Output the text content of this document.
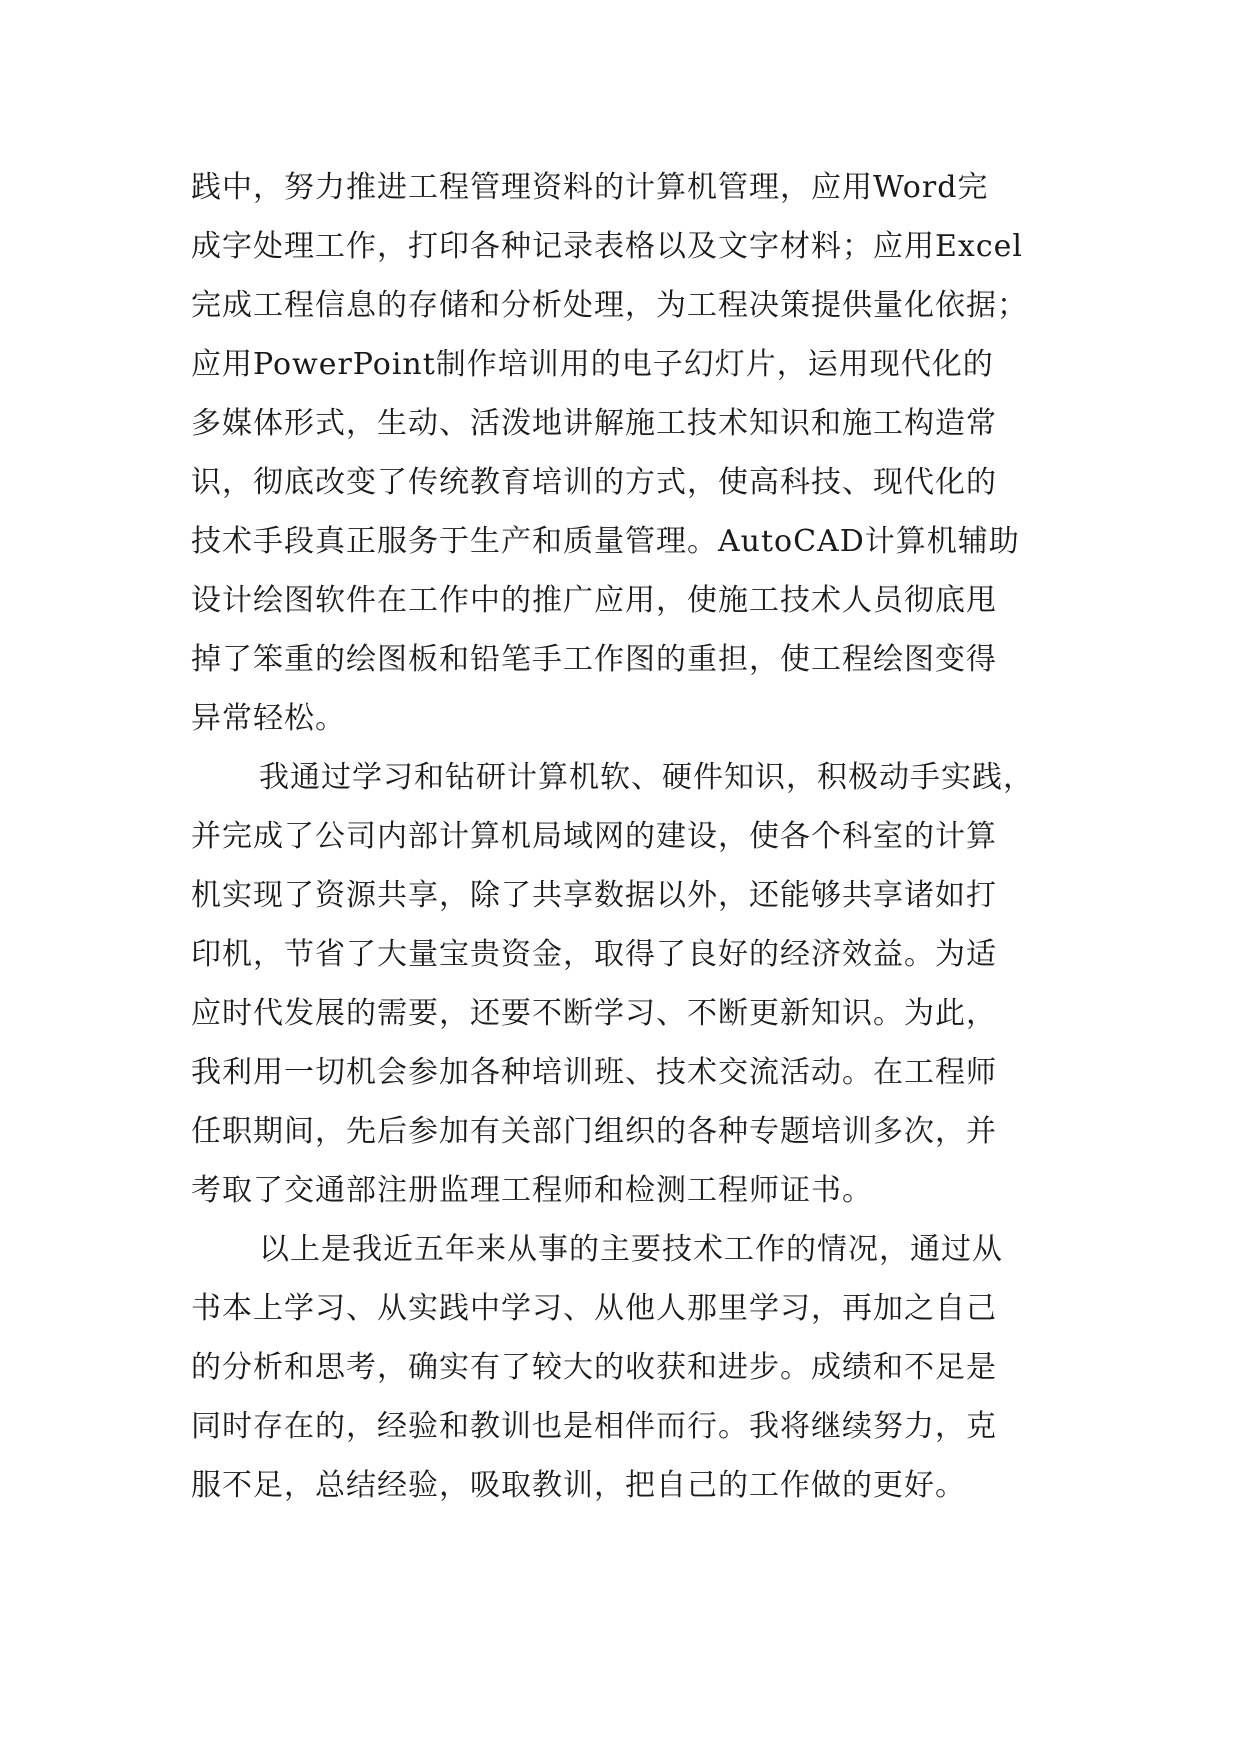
践中，努力推进工程管理资料的计算机管理，应用Word完
成字处理工作，打印各种记录表格以及文字材料；应用Excel
完成工程信息的存储和分析处理，为工程决策提供量化依据；
应用PowerPoint制作培训用的电子幻灯片，运用现代化的
多媒体形式，生动、活泼地讲解施工技术知识和施工构造常
识，彻底改变了传统教育培训的方式，使高科技、现代化的
技术手段真正服务于生产和质量管理。AutoCAD计算机辅助
设计绘图软件在工作中的推广应用，使施工技术人员彻底甩
掉了笨重的绘图板和铅笔手工作图的重担，使工程绘图变得
异常轻松。
我通过学习和钻研计算机软、硬件知识，积极动手实践，
并完成了公司内部计算机局域网的建设，使各个科室的计算
机实现了资源共享，除了共享数据以外，还能够共享诸如打
印机，节省了大量宝贵资金，取得了良好的经济效益。为适
应时代发展的需要，还要不断学习、不断更新知识。为此，
我利用一切机会参加各种培训班、技术交流活动。在工程师
任职期间，先后参加有关部门组织的各种专题培训多次，并
考取了交通部注册监理工程师和检测工程师证书。
以上是我近五年来从事的主要技术工作的情况，通过从
书本上学习、从实践中学习、从他人那里学习，再加之自己
的分析和思考，确实有了较大的收获和进步。成绩和不足是
同时存在的，经验和教训也是相伴而行。我将继续努力，克
服不足，总结经验，吸取教训，把自己的工作做的更好。
